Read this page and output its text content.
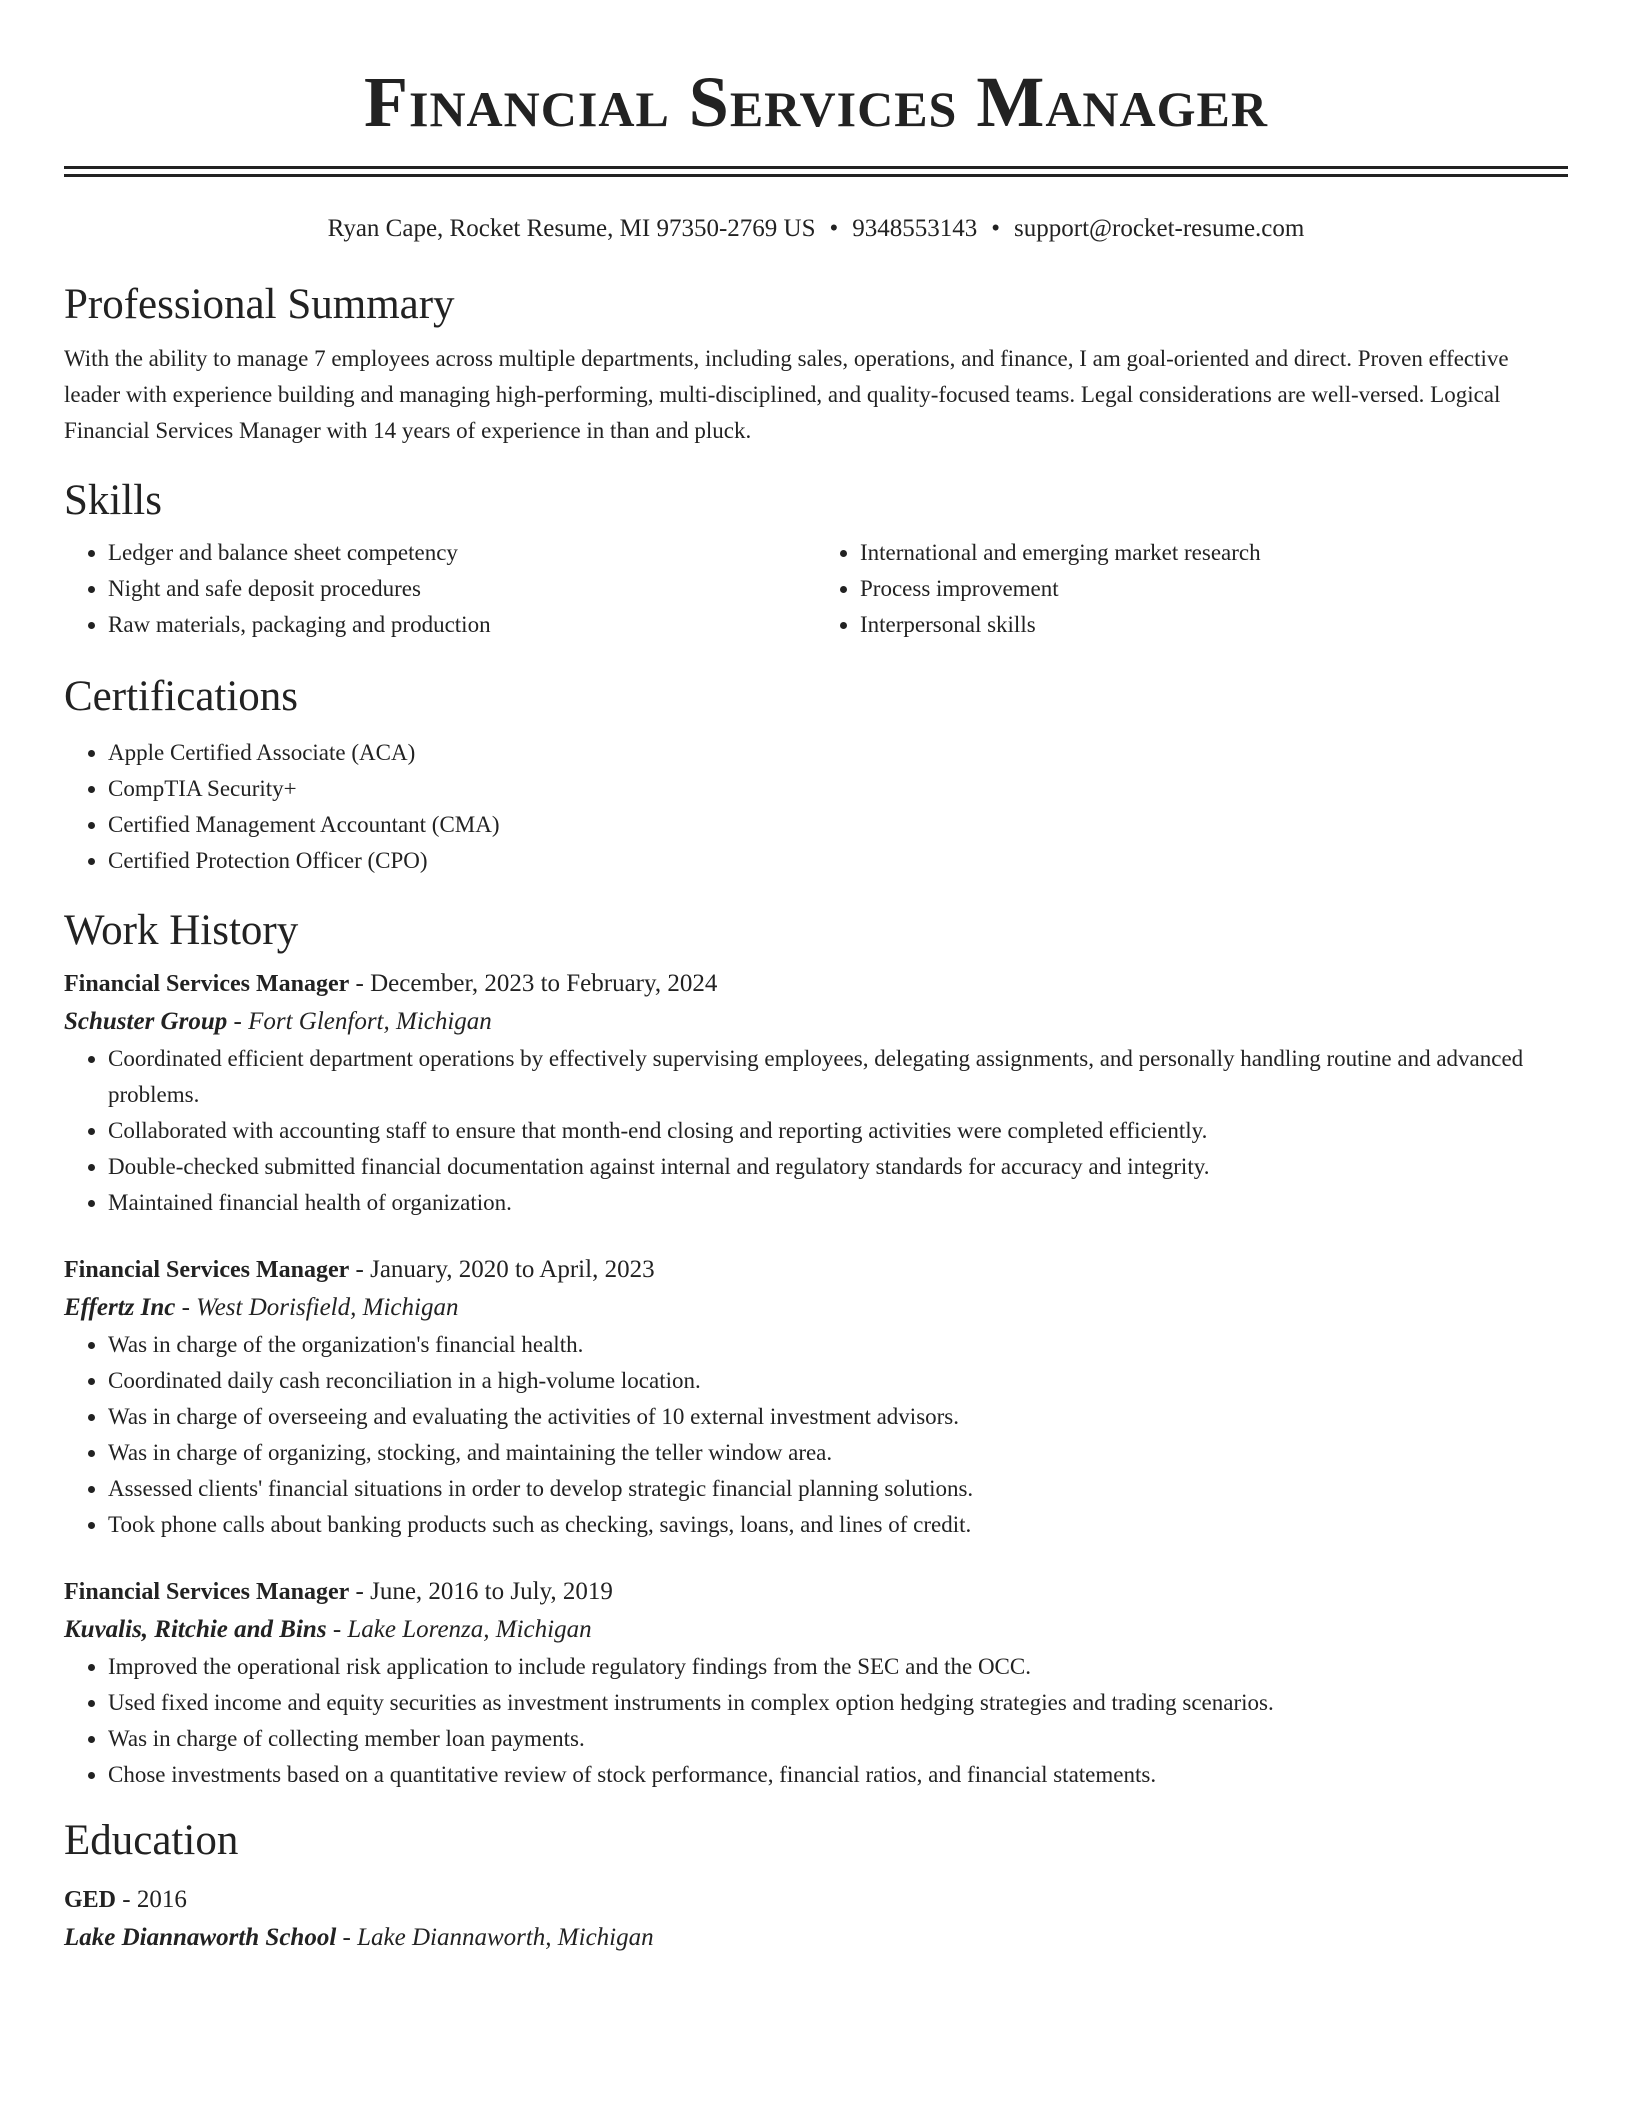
Financial Services Manager
Ryan Cape, Rocket Resume, MI 97350-2769 US • 9348553143 • support@rocket-resume.com
Professional Summary

With the ability to manage 7 employees across multiple departments, including sales, operations, and finance, I am goal-oriented and direct. Proven effective leader with experience building and managing high-performing, multi-disciplined, and quality-focused teams. Legal considerations are well-versed. Logical Financial Services Manager with 14 years of experience in than and pluck.

Skills
• Ledger and balance sheet competency
• Night and safe deposit procedures
• Raw materials, packaging and production
• International and emerging market research
• Process improvement
• Interpersonal skills
Certifications
• Apple Certified Associate (ACA)
• CompTIA Security+
• Certified Management Accountant (CMA)
• Certified Protection Officer (CPO)
Work History
Financial Services Manager - December, 2023 to February, 2024
Schuster Group - Fort Glenfort, Michigan
• Coordinated efficient department operations by effectively supervising employees, delegating assignments, and personally handling routine and advanced problems.
• Collaborated with accounting staff to ensure that month-end closing and reporting activities were completed efficiently.
• Double-checked submitted financial documentation against internal and regulatory standards for accuracy and integrity.
• Maintained financial health of organization.
Financial Services Manager - January, 2020 to April, 2023
Effertz Inc - West Dorisfield, Michigan
• Was in charge of the organization's financial health.
• Coordinated daily cash reconciliation in a high-volume location.
• Was in charge of overseeing and evaluating the activities of 10 external investment advisors.
• Was in charge of organizing, stocking, and maintaining the teller window area.
• Assessed clients' financial situations in order to develop strategic financial planning solutions.
• Took phone calls about banking products such as checking, savings, loans, and lines of credit.
Financial Services Manager - June, 2016 to July, 2019
Kuvalis, Ritchie and Bins - Lake Lorenza, Michigan
• Improved the operational risk application to include regulatory findings from the SEC and the OCC.
• Used fixed income and equity securities as investment instruments in complex option hedging strategies and trading scenarios.
• Was in charge of collecting member loan payments.
• Chose investments based on a quantitative review of stock performance, financial ratios, and financial statements.
Education
GED - 2016
Lake Diannaworth School - Lake Diannaworth, Michigan
